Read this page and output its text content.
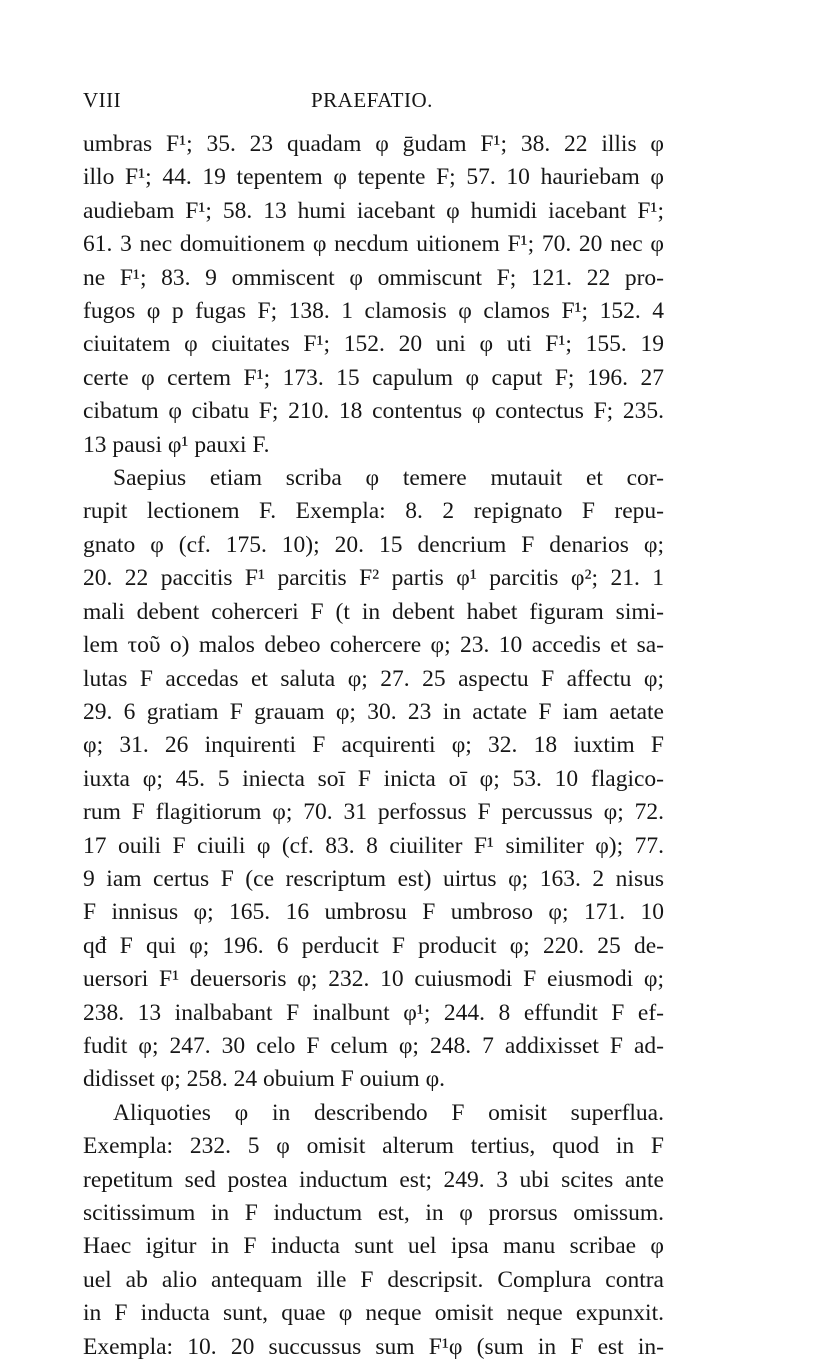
VIII	PRAEFATIO.

umbras F¹; 35. 23 quadam φ ḡudam F¹; 38. 22 illis φ

illo F¹; 44. 19 tepentem φ tepente F; 57. 10 hauriebam φ

audiebam F¹; 58. 13 humi iacebant φ humidi iacebant F¹;

61. 3 nec domuitionem φ necdum uitionem F¹; 70. 20 nec φ

ne F¹; 83. 9 ommiscent φ ommiscunt F; 121. 22 pro-

fugos φ p fugas F; 138. 1 clamosis φ clamos F¹; 152. 4

ciuitatem φ ciuitates F¹; 152. 20 uni φ uti F¹; 155. 19

certe φ certem F¹; 173. 15 capulum φ caput F; 196. 27

cibatum φ cibatu F; 210. 18 contentus φ contectus F; 235.

13 pausi φ¹ pauxi F.

Saepius etiam scriba φ temere mutauit et cor-

rupit lectionem F. Exempla: 8. 2 repignato F repu-

gnato φ (cf. 175. 10); 20. 15 dencrium F denarios φ;

20. 22 paccitis F¹ parcitis F² partis φ¹ parcitis φ²; 21. 1

mali debent coherceri F (t in debent habet figuram simi-

lem τοῦ o) malos debeo cohercere φ; 23. 10 accedis et sa-

lutas F accedas et saluta φ; 27. 25 aspectu F affectu φ;

29. 6 gratiam F grauam φ; 30. 23 in actate F iam aetate

φ; 31. 26 inquirenti F acquirenti φ; 32. 18 iuxtim F

iuxta φ; 45. 5 iniecta soī F inicta oī φ; 53. 10 flagico-

rum F flagitiorum φ; 70. 31 perfossus F percussus φ; 72.

17 ouili F ciuili φ (cf. 83. 8 ciuiliter F¹ similiter φ); 77.

9 iam certus F (ce rescriptum est) uirtus φ; 163. 2 nisus

F innisus φ; 165. 16 umbrosu F umbroso φ; 171. 10

qđ F qui φ; 196. 6 perducit F producit φ; 220. 25 de-

uersori F¹ deuersoris φ; 232. 10 cuiusmodi F eiusmodi φ;

238. 13 inalbabant F inalbunt φ¹; 244. 8 effundit F ef-

fudit φ; 247. 30 celo F celum φ; 248. 7 addixisset F ad-

didisset φ; 258. 24 obuium F ouium φ.

Aliquoties φ in describendo F omisit superflua.

Exempla: 232. 5 φ omisit alterum tertius, quod in F

repetitum sed postea inductum est; 249. 3 ubi scites ante

scitissimum in F inductum est, in φ prorsus omissum.

Haec igitur in F inducta sunt uel ipsa manu scribae φ

uel ab alio antequam ille F descripsit. Complura contra

in F inducta sunt, quae φ neque omisit neque expunxit.

Exempla: 10. 20 succussus sum F¹φ (sum in F est in-
